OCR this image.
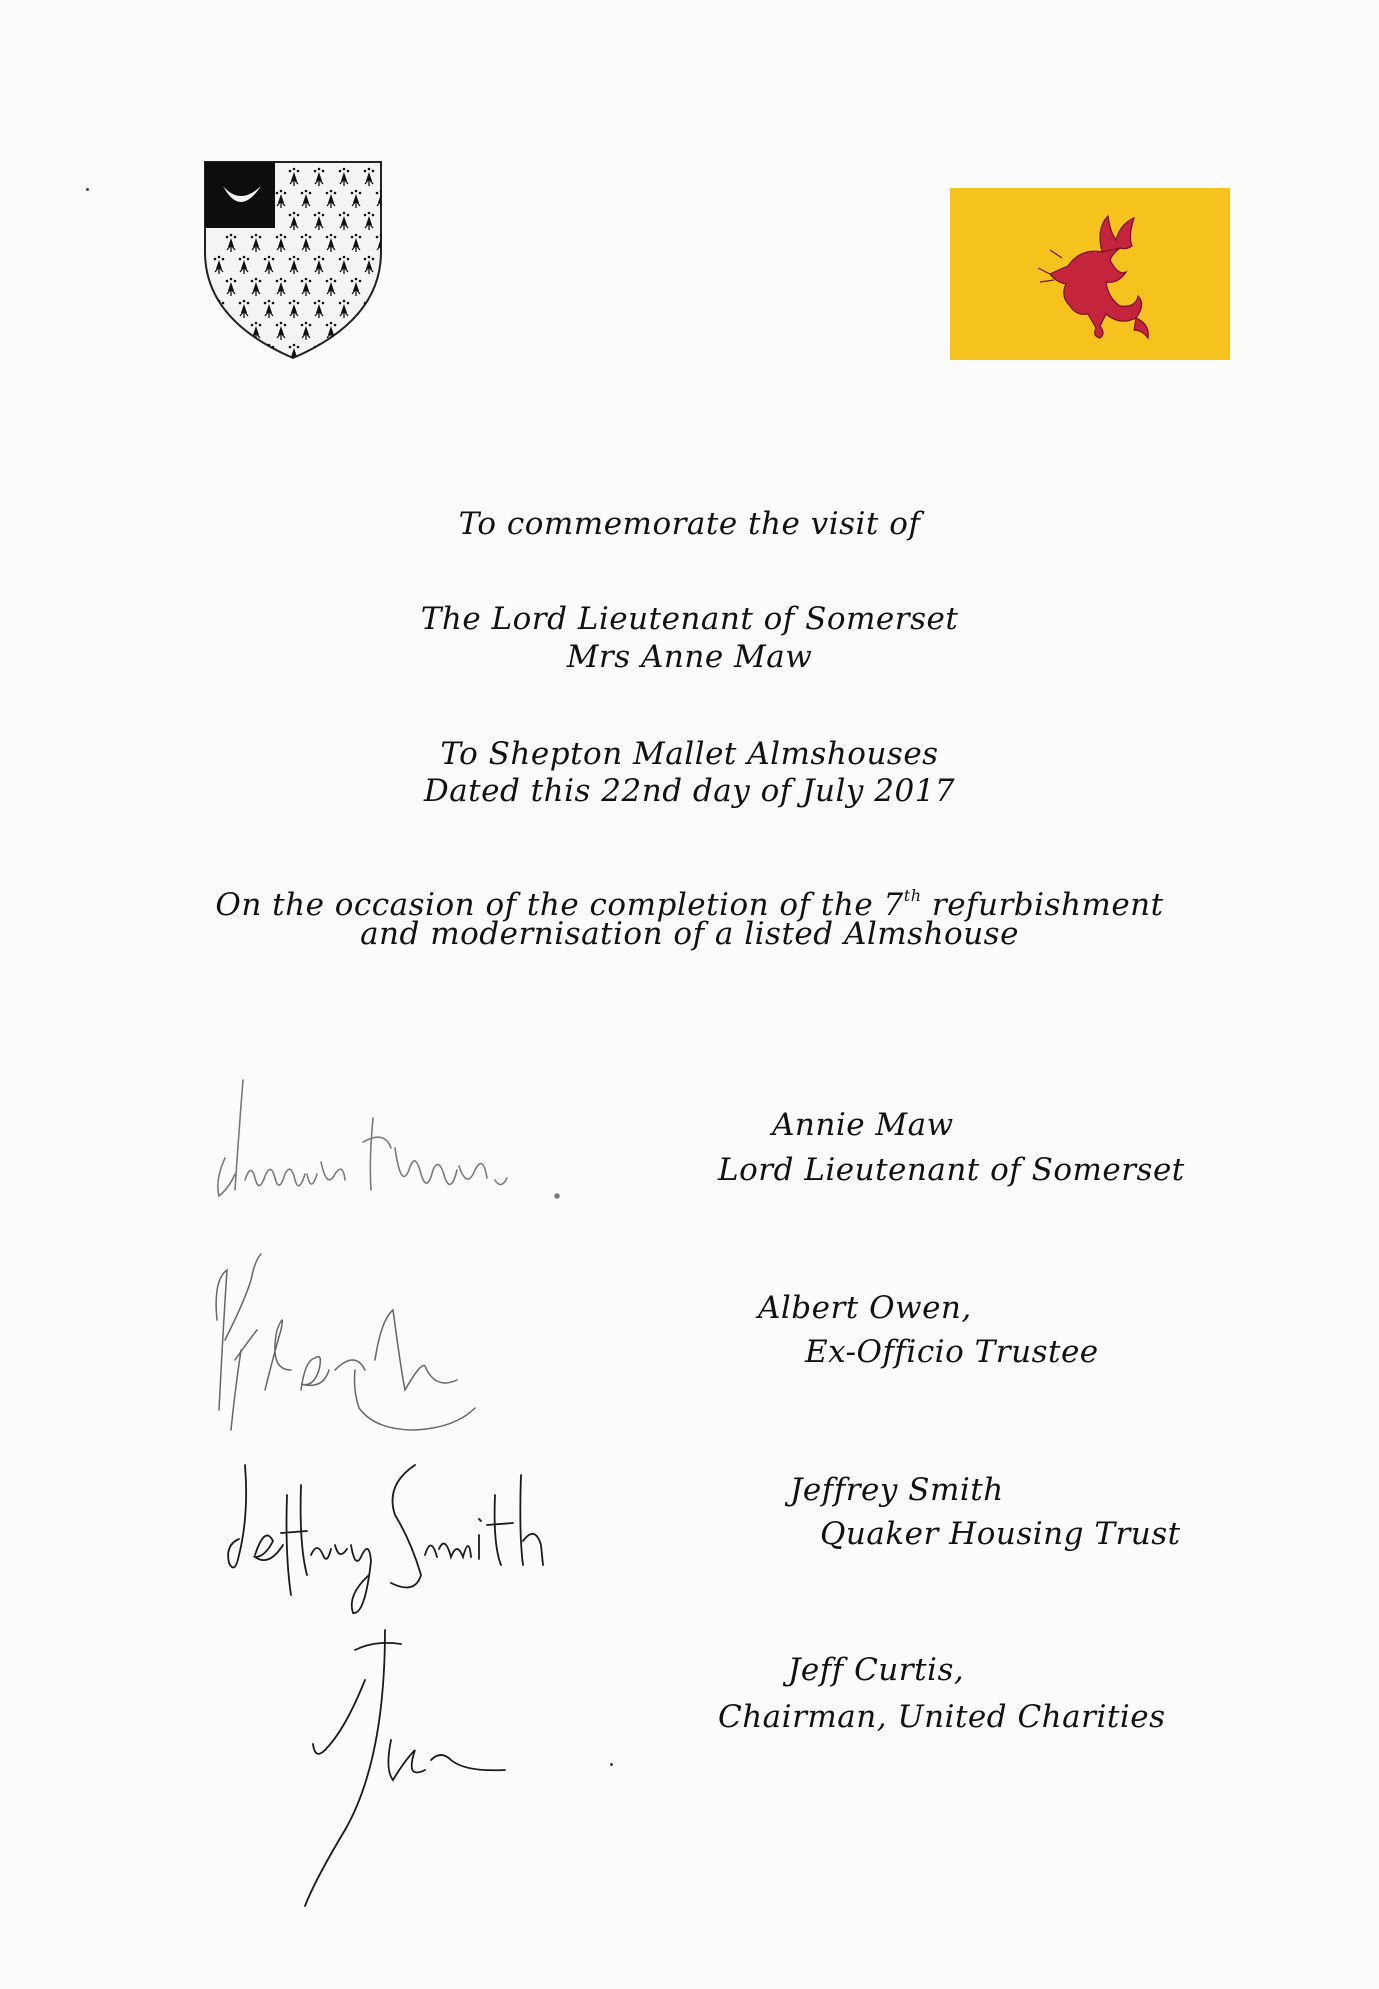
To commemorate the visit of
The Lord Lieutenant of Somerset
Mrs Anne Maw
To Shepton Mallet Almshouses
Dated this 22nd day of July 2017
On the occasion of the completion of the 7th refurbishment
and modernisation of a listed Almshouse
Annie Maw
Lord Lieutenant of Somerset
Albert Owen,
Ex-Officio Trustee
Jeffrey Smith
Quaker Housing Trust
Jeff Curtis,
Chairman, United Charities
